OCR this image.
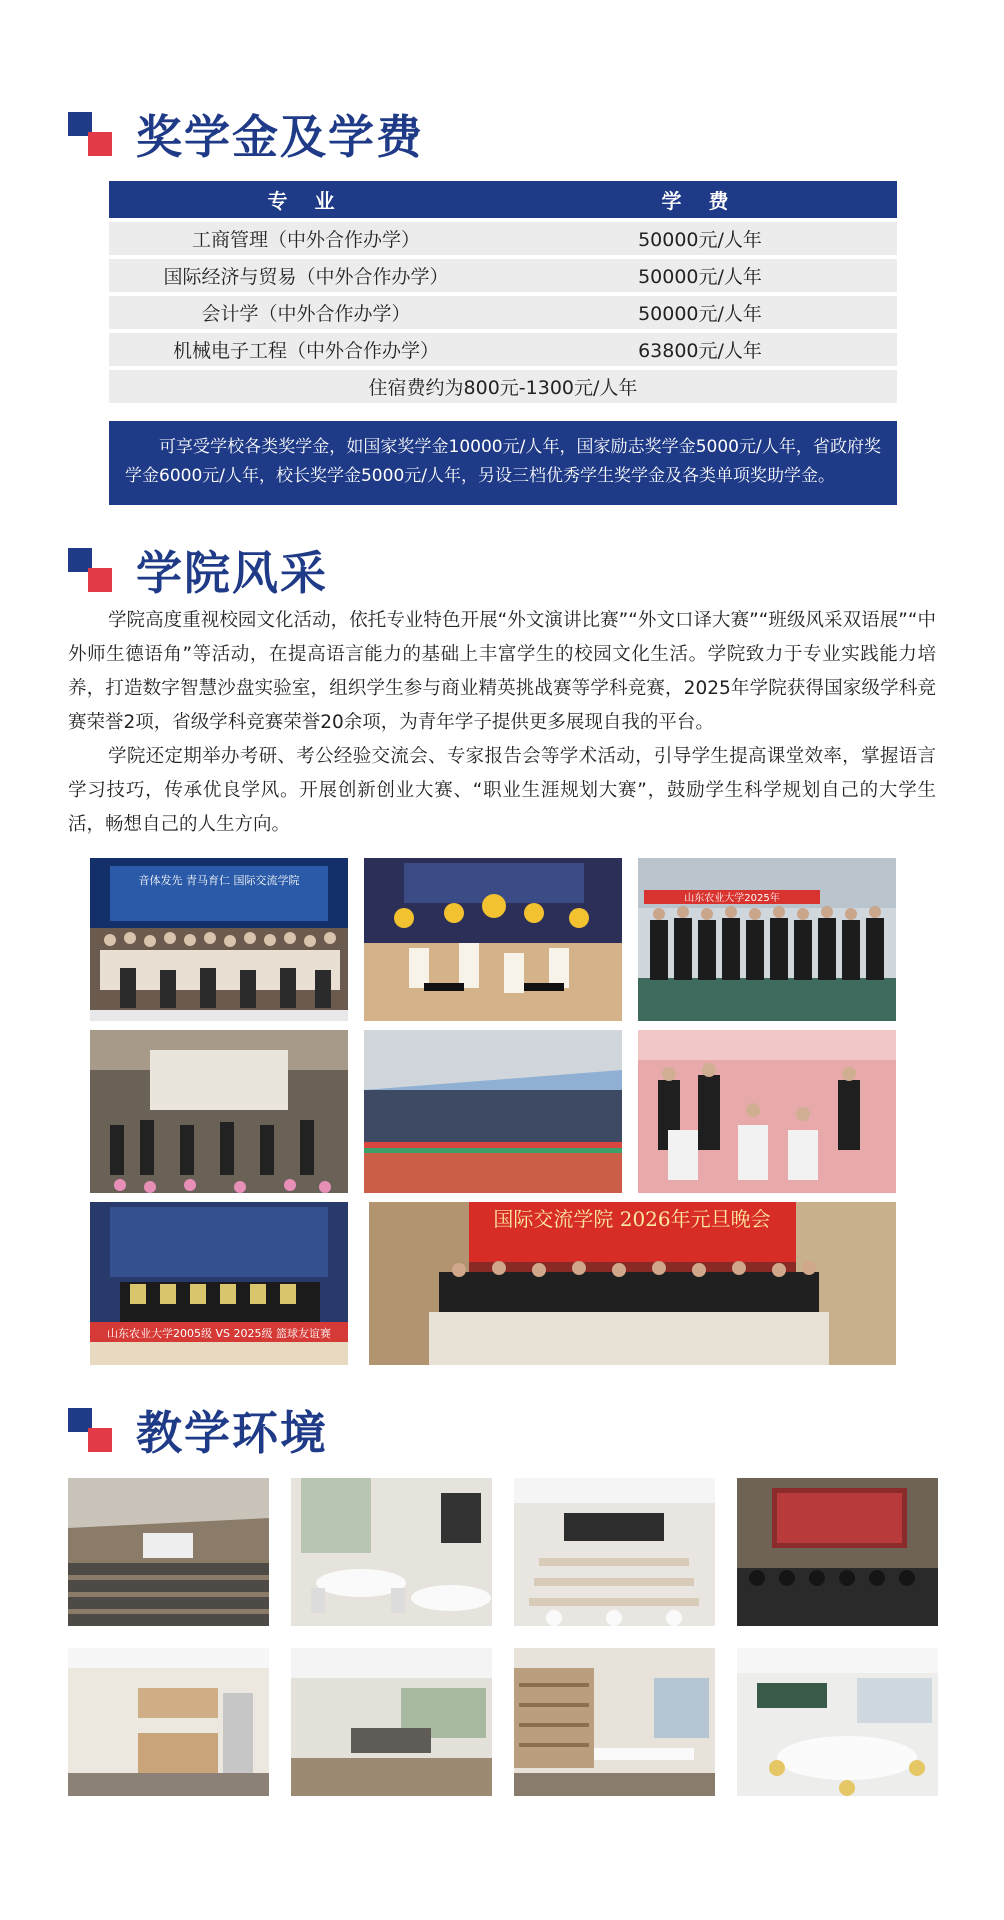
奖学金及学费
专 业	学 费
工商管理（中外合作办学）	50000元/人年
国际经济与贸易（中外合作办学）	50000元/人年
会计学（中外合作办学）	50000元/人年
机械电子工程（中外合作办学）	63800元/人年
住宿费约为800元-1300元/人年
可享受学校各类奖学金，如国家奖学金10000元/人年，国家励志奖学金5000元/人年，省政府奖学金6000元/人年，校长奖学金5000元/人年，另设三档优秀学生奖学金及各类单项奖助学金。
学院风采

学院高度重视校园文化活动，依托专业特色开展“外文演讲比赛”“外文口译大赛”“班级风采双语展”“中外师生德语角”等活动，在提高语言能力的基础上丰富学生的校园文化生活。学院致力于专业实践能力培养，打造数字智慧沙盘实验室，组织学生参与商业精英挑战赛等学科竞赛，2025年学院获得国家级学科竞赛荣誉2项，省级学科竞赛荣誉20余项，为青年学子提供更多展现自我的平台。

学院还定期举办考研、考公经验交流会、专家报告会等学术活动，引导学生提高课堂效率，掌握语言学习技巧，传承优良学风。开展创新创业大赛、“职业生涯规划大赛”，鼓励学生科学规划自己的大学生活，畅想自己的人生方向。

音体发先 青马育仁 国际交流学院
山东农业大学2025年
山东农业大学2005级 VS 2025级 篮球友谊赛
国际交流学院 2026年元旦晚会
教学环境
